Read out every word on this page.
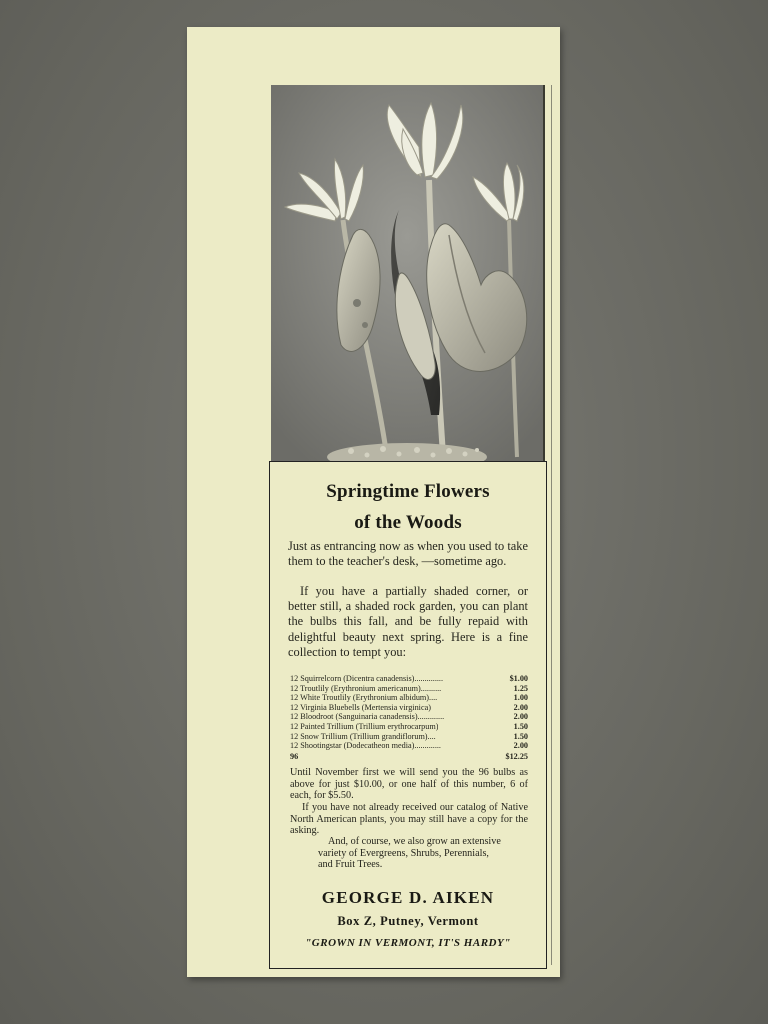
Springtime Flowers
of the Woods
Just as entrancing now as when you used to take them to the teacher's desk, —sometime ago.
If you have a partially shaded corner, or better still, a shaded rock garden, you can plant the bulbs this fall, and be fully repaid with delightful beauty next spring. Here is a fine collection to tempt you:
12 Squirrelcorn (Dicentra canadensis)..............	$1.00
12 Troutlily (Erythronium americanum)..........	1.25
12 White Troutlily (Erythronium albidum)....	1.00
12 Virginia Bluebells (Mertensia virginica)	2.00
12 Bloodroot (Sanguinaria canadensis).............	2.00
12 Painted Trillium (Trillium erythrocarpum)	1.50
12 Snow Trillium (Trillium grandiflorum)....	1.50
12 Shootingstar (Dodecatheon media).............	2.00
96	$12.25
Until November first we will send you the 96 bulbs as above for just $10.00, or one half of this number, 6 of each, for $5.50.
If you have not already received our catalog of Native North American plants, you may still have a copy for the asking.
And, of course, we also grow an extensive variety of Evergreens, Shrubs, Perennials, and Fruit Trees.
GEORGE D. AIKEN
Box Z, Putney, Vermont
"GROWN IN VERMONT, IT'S HARDY"
